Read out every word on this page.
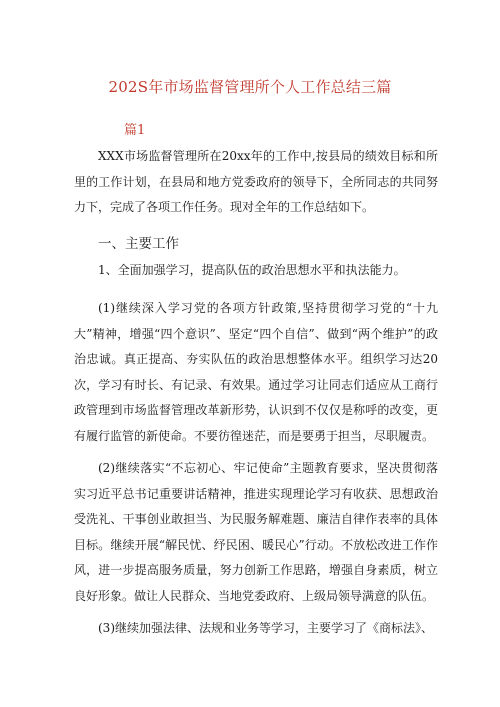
202S年市场监督管理所个人工作总结三篇
篇1

XXX市场监督管理所在20xx年的工作中,按县局的绩效目标和所里的工作计划，在县局和地方党委政府的领导下，全所同志的共同努力下，完成了各项工作任务。现对全年的工作总结如下。

一、主要工作

1、全面加强学习，提高队伍的政治思想水平和执法能力。

(1)继续深入学习党的各项方针政策,坚持贯彻学习党的“十九大”精神，增强“四个意识”、坚定“四个自信”、做到“两个维护”的政治忠诚。真正提高、夯实队伍的政治思想整体水平。组织学习达20次，学习有时长、有记录、有效果。通过学习让同志们适应从工商行政管理到市场监督管理改革新形势，认识到不仅仅是称呼的改变，更有履行监管的新使命。不要彷徨迷茫，而是要勇于担当，尽职履责。

(2)继续落实“不忘初心、牢记使命”主题教育要求，坚决贯彻落实习近平总书记重要讲话精神，推进实现理论学习有收获、思想政治受洗礼、干事创业敢担当、为民服务解难题、廉洁自律作表率的具体目标。继续开展“解民忧、纾民困、暖民心”行动。不放松改进工作作风，进一步提高服务质量，努力创新工作思路，增强自身素质，树立良好形象。做让人民群众、当地党委政府、上级局领导满意的队伍。

(3)继续加强法律、法规和业务等学习，主要学习了《商标法》、
